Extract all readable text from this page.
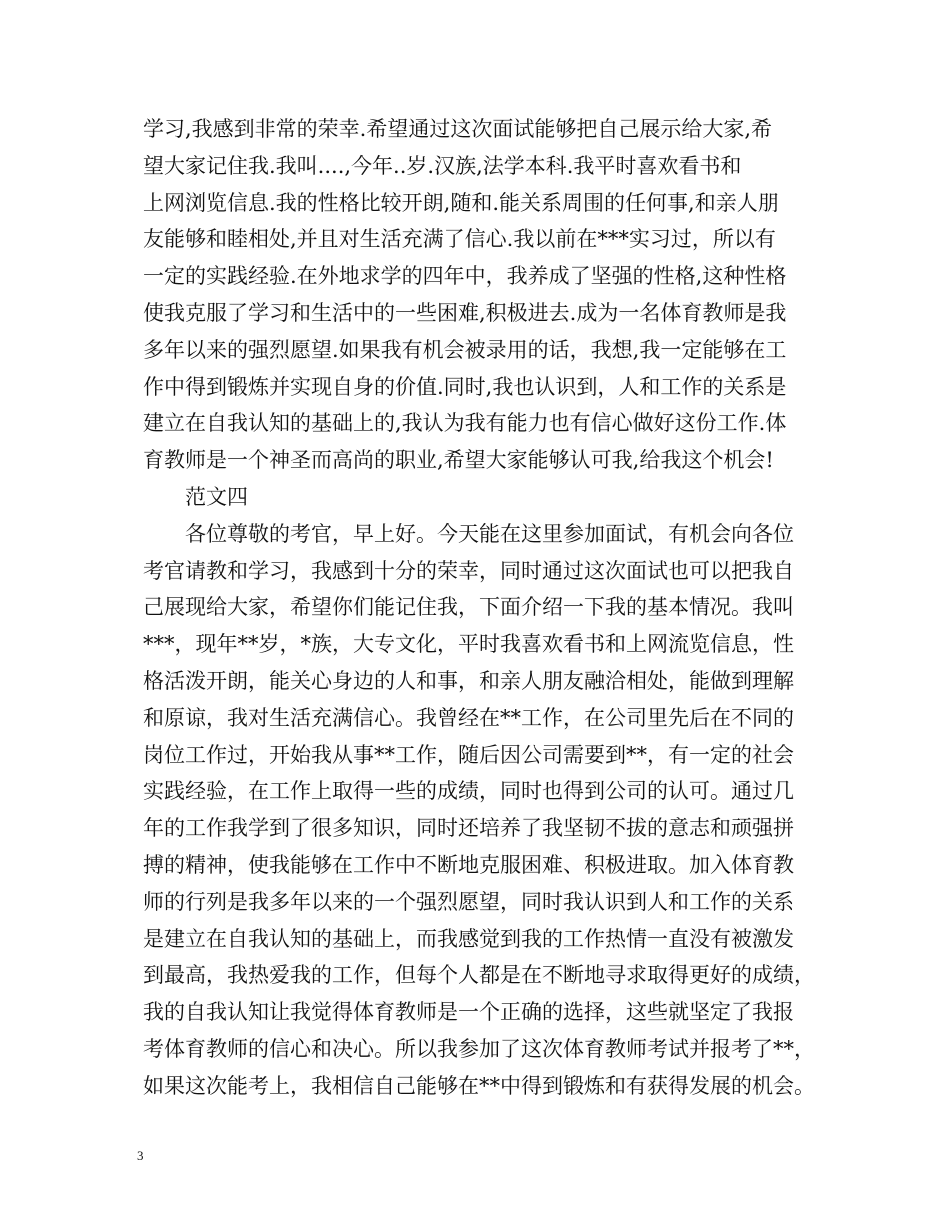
学习,我感到非常的荣幸.希望通过这次面试能够把自己展示给大家,希
望大家记住我.我叫....,今年..岁.汉族,法学本科.我平时喜欢看书和
上网浏览信息.我的性格比较开朗,随和.能关系周围的任何事,和亲人朋
友能够和睦相处,并且对生活充满了信心.我以前在***实习过，所以有
一定的实践经验.在外地求学的四年中，我养成了坚强的性格,这种性格
使我克服了学习和生活中的一些困难,积极进去.成为一名体育教师是我
多年以来的强烈愿望.如果我有机会被录用的话，我想,我一定能够在工
作中得到锻炼并实现自身的价值.同时,我也认识到，人和工作的关系是
建立在自我认知的基础上的,我认为我有能力也有信心做好这份工作.体
育教师是一个神圣而高尚的职业,希望大家能够认可我,给我这个机会!
范文四
　　各位尊敬的考官，早上好。今天能在这里参加面试，有机会向各位
考官请教和学习，我感到十分的荣幸，同时通过这次面试也可以把我自
己展现给大家，希望你们能记住我，下面介绍一下我的基本情况。我叫
***，现年**岁，*族，大专文化，平时我喜欢看书和上网流览信息，性
格活泼开朗，能关心身边的人和事，和亲人朋友融洽相处，能做到理解
和原谅，我对生活充满信心。我曾经在**工作，在公司里先后在不同的
岗位工作过，开始我从事**工作，随后因公司需要到**，有一定的社会
实践经验，在工作上取得一些的成绩，同时也得到公司的认可。通过几
年的工作我学到了很多知识，同时还培养了我坚韧不拔的意志和顽强拼
搏的精神，使我能够在工作中不断地克服困难、积极进取。加入体育教
师的行列是我多年以来的一个强烈愿望，同时我认识到人和工作的关系
是建立在自我认知的基础上，而我感觉到我的工作热情一直没有被激发
到最高，我热爱我的工作，但每个人都是在不断地寻求取得更好的成绩，
我的自我认知让我觉得体育教师是一个正确的选择，这些就坚定了我报
考体育教师的信心和决心。所以我参加了这次体育教师考试并报考了**，
如果这次能考上，我相信自己能够在**中得到锻炼和有获得发展的机会。
3
